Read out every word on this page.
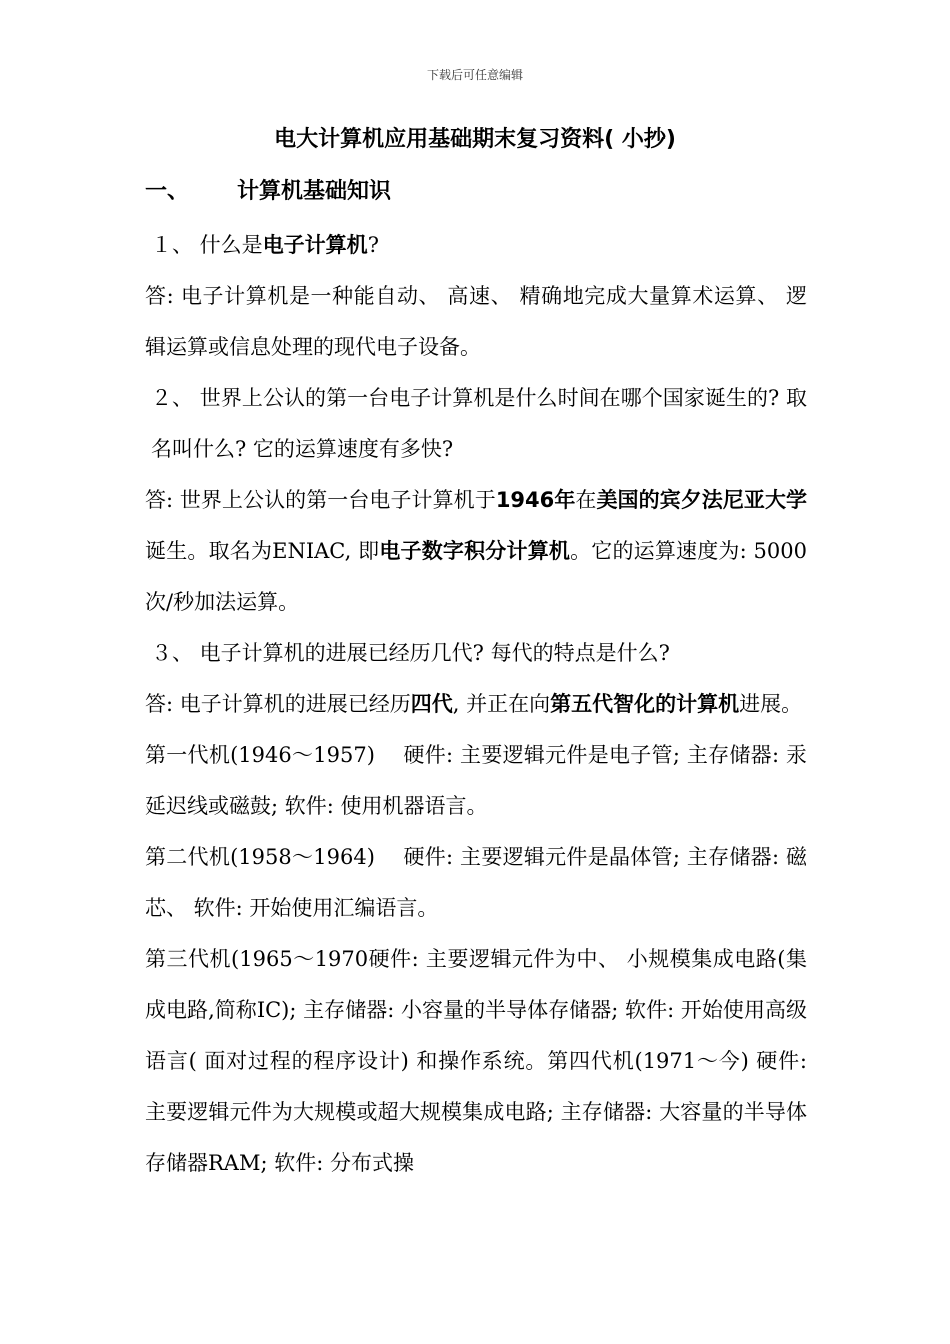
下载后可任意编辑
电大计算机应用基础期末复习资料( 小抄)
一、 计算机基础知识

１、 什么是电子计算机?

答: 电子计算机是一种能自动、 高速、 精确地完成大量算术运算、 逻辑运算或信息处理的现代电子设备。

２、 世界上公认的第一台电子计算机是什么时间在哪个国家诞生的? 取名叫什么? 它的运算速度有多快?

答: 世界上公认的第一台电子计算机于1946年在美国的宾夕法尼亚大学诞生。取名为ENIAC, 即电子数字积分计算机。它的运算速度为: 5000次/秒加法运算。

３、 电子计算机的进展已经历几代? 每代的特点是什么?

答: 电子计算机的进展已经历四代, 并正在向第五代智化的计算机进展。

第一代机(1946～1957)　 硬件: 主要逻辑元件是电子管; 主存储器: 汞延迟线或磁鼓; 软件: 使用机器语言。

第二代机(1958～1964)　 硬件: 主要逻辑元件是晶体管; 主存储器: 磁芯、 软件: 开始使用汇编语言。

第三代机(1965～1970硬件: 主要逻辑元件为中、 小规模集成电路(集成电路,简称IC); 主存储器: 小容量的半导体存储器; 软件: 开始使用高级语言( 面对过程的程序设计) 和操作系统。第四代机(1971～今) 硬件: 主要逻辑元件为大规模或超大规模集成电路; 主存储器: 大容量的半导体存储器RAM; 软件: 分布式操
